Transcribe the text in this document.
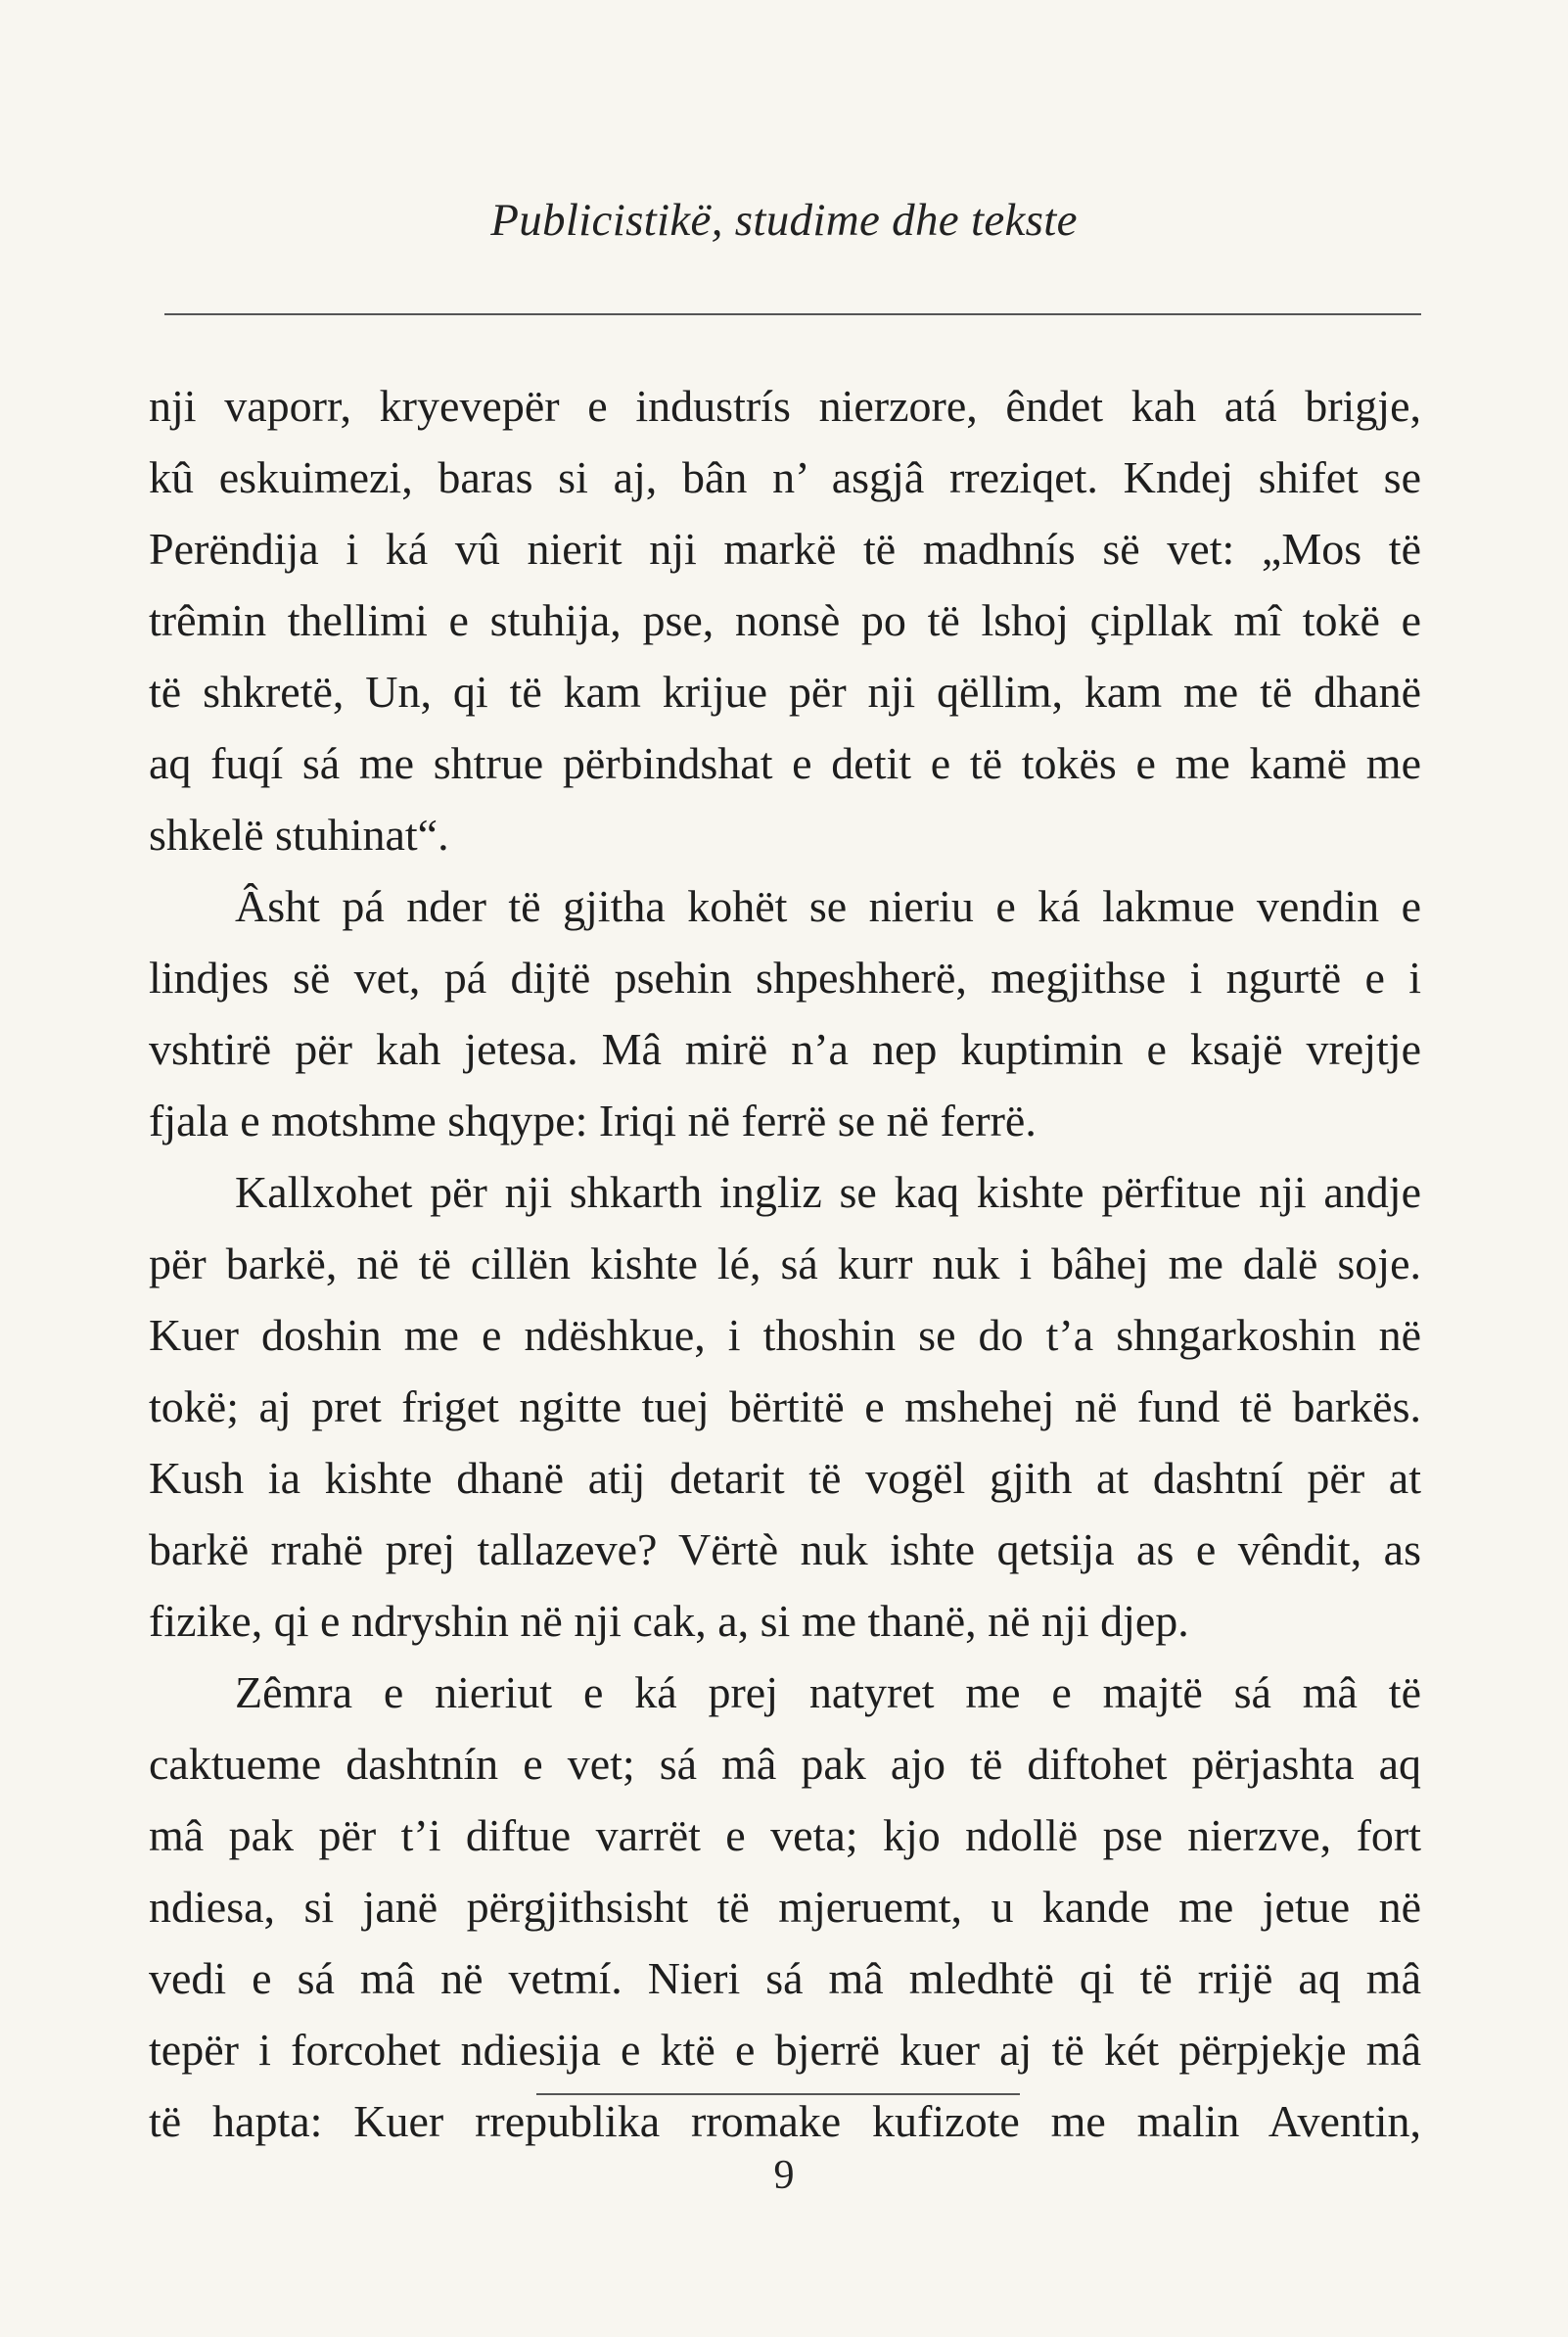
Publicistikë, studime dhe tekste

nji vaporr, kryevepër e industrís nierzore, êndet kah atá brigje,
kû eskuimezi, baras si aj, bân n’ asgjâ rreziqet. Kndej shifet se
Perëndija i ká vû nierit nji markë të madhnís së vet: „Mos të
trêmin thellimi e stuhija, pse, nonsè po të lshoj çipllak mî tokë e
të shkretë, Un, qi të kam krijue për nji qëllim, kam me të dhanë
aq fuqí sá me shtrue përbindshat e detit e të tokës e me kamë me
shkelë stuhinat“.

Âsht pá nder të gjitha kohët se nieriu e ká lakmue vendin e
lindjes së vet, pá dijtë psehin shpeshherë, megjithse i ngurtë e i
vshtirë për kah jetesa. Mâ mirë n’a nep kuptimin e ksajë vrejtje
fjala e motshme shqype: Iriqi në ferrë se në ferrë.

Kallxohet për nji shkarth ingliz se kaq kishte përfitue nji andje
për barkë, në të cillën kishte lé, sá kurr nuk i bâhej me dalë soje.
Kuer doshin me e ndëshkue, i thoshin se do t’a shngarkoshin në
tokë; aj pret friget ngitte tuej bërtitë e mshehej në fund të barkës.
Kush ia kishte dhanë atij detarit të vogël gjith at dashtní për at
barkë rrahë prej tallazeve? Vërtè nuk ishte qetsija as e vêndit, as
fizike, qi e ndryshin në nji cak, a, si me thanë, në nji djep.

Zêmra e nieriut e ká prej natyret me e majtë sá mâ të
caktueme dashtnín e vet; sá mâ pak ajo të diftohet përjashta aq
mâ pak për t’i diftue varrët e veta; kjo ndollë pse nierzve, fort
ndiesa, si janë përgjithsisht të mjeruemt, u kande me jetue në
vedi e sá mâ në vetmí. Nieri sá mâ mledhtë qi të rrijë aq mâ
tepër i forcohet ndiesija e ktë e bjerrë kuer aj të két përpjekje mâ
të hapta: Kuer rrepublika rromake kufizote me malin Aventin,

9
